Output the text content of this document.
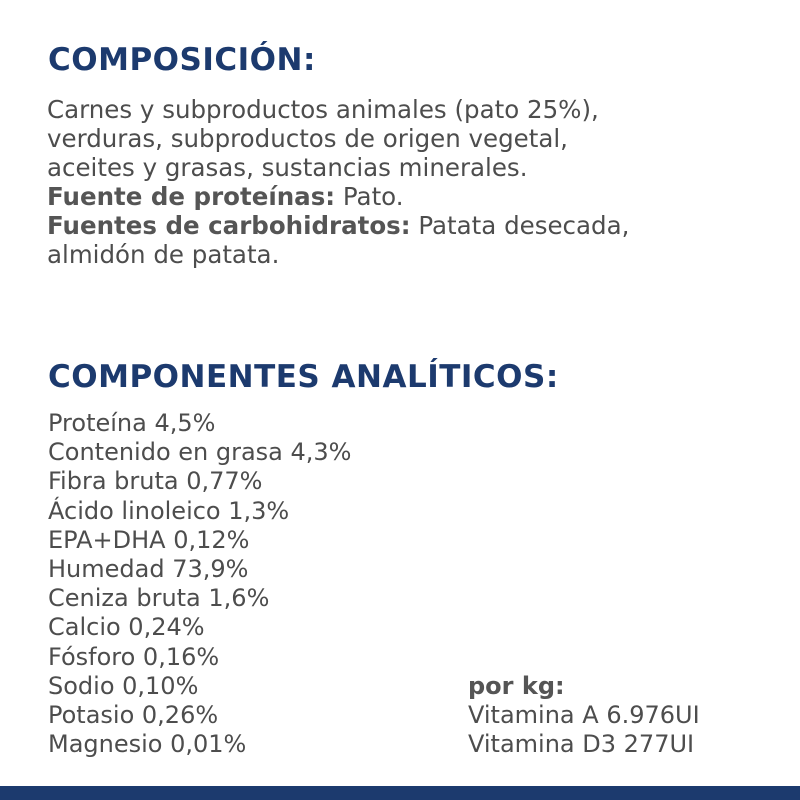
COMPOSICIÓN:

Carnes y subproductos animales (pato 25%),

verduras, subproductos de origen vegetal,

aceites y grasas, sustancias minerales.

Fuente de proteínas: Pato.

Fuentes de carbohidratos: Patata desecada,

almidón de patata.

COMPONENTES ANALÍTICOS:
Proteína 4,5%
Contenido en grasa 4,3%
Fibra bruta 0,77%
Ácido linoleico 1,3%
EPA+DHA 0,12%
Humedad 73,9%
Ceniza bruta 1,6%
Calcio 0,24%
Fósforo 0,16%
Sodio 0,10%
Potasio 0,26%
Magnesio 0,01%
por kg:
Vitamina A 6.976UI
Vitamina D3 277UI
